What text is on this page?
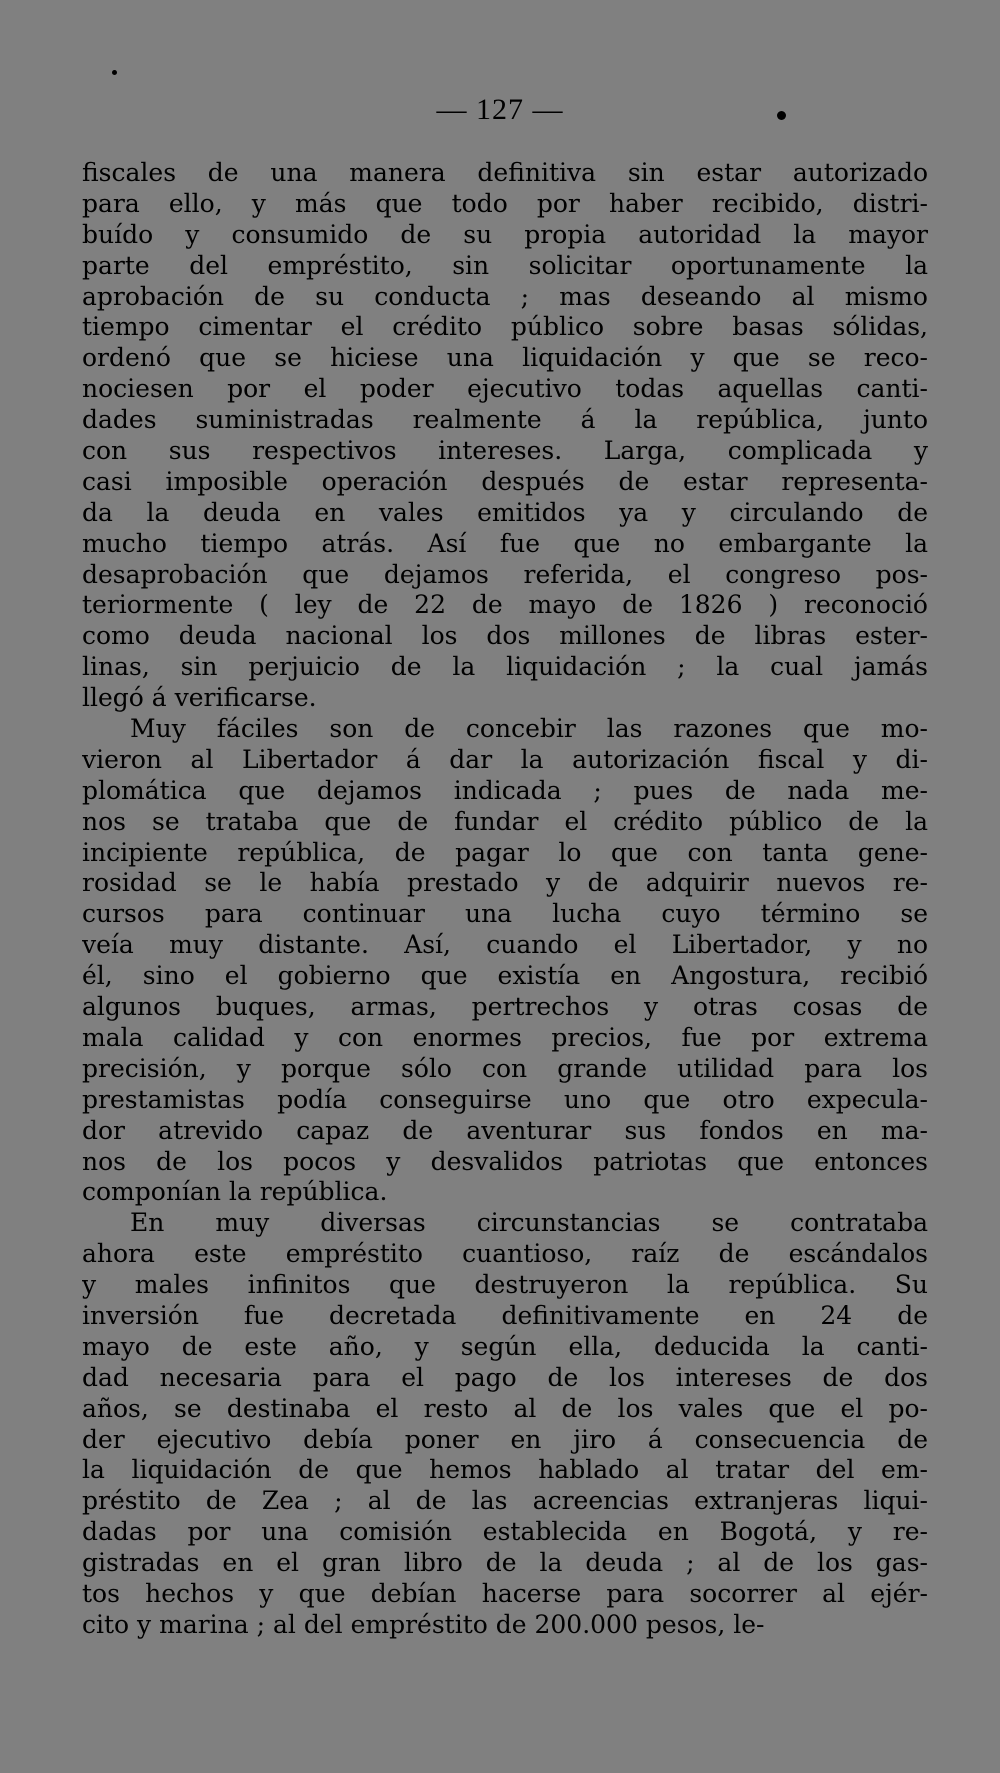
— 127 —
fiscales de una manera definitiva sin estar autorizado
para ello, y más que todo por haber recibido, distri-
buído y consumido de su propia autoridad la mayor
parte del empréstito, sin solicitar oportunamente la
aprobación de su conducta ; mas deseando al mismo
tiempo cimentar el crédito público sobre basas sólidas,
ordenó que se hiciese una liquidación y que se reco-
nociesen por el poder ejecutivo todas aquellas canti-
dades suministradas realmente á la república, junto
con sus respectivos intereses. Larga, complicada y
casi imposible operación después de estar representa-
da la deuda en vales emitidos ya y circulando de
mucho tiempo atrás. Así fue que no embargante la
desaprobación que dejamos referida, el congreso pos-
teriormente ( ley de 22 de mayo de 1826 ) reconoció
como deuda nacional los dos millones de libras ester-
linas, sin perjuicio de la liquidación ; la cual jamás
llegó á verificarse.
Muy fáciles son de concebir las razones que mo-
vieron al Libertador á dar la autorización fiscal y di-
plomática que dejamos indicada ; pues de nada me-
nos se trataba que de fundar el crédito público de la
incipiente república, de pagar lo que con tanta gene-
rosidad se le había prestado y de adquirir nuevos re-
cursos para continuar una lucha cuyo término se
veía muy distante. Así, cuando el Libertador, y no
él, sino el gobierno que existía en Angostura, recibió
algunos buques, armas, pertrechos y otras cosas de
mala calidad y con enormes precios, fue por extrema
precisión, y porque sólo con grande utilidad para los
prestamistas podía conseguirse uno que otro expecula-
dor atrevido capaz de aventurar sus fondos en ma-
nos de los pocos y desvalidos patriotas que entonces
componían la república.
En muy diversas circunstancias se contrataba
ahora este empréstito cuantioso, raíz de escándalos
y males infinitos que destruyeron la república. Su
inversión fue decretada definitivamente en 24 de
mayo de este año, y según ella, deducida la canti-
dad necesaria para el pago de los intereses de dos
años, se destinaba el resto al de los vales que el po-
der ejecutivo debía poner en jiro á consecuencia de
la liquidación de que hemos hablado al tratar del em-
préstito de Zea ; al de las acreencias extranjeras liqui-
dadas por una comisión establecida en Bogotá, y re-
gistradas en el gran libro de la deuda ; al de los gas-
tos hechos y que debían hacerse para socorrer al ejér-
cito y marina ; al del empréstito de 200.000 pesos, le-
